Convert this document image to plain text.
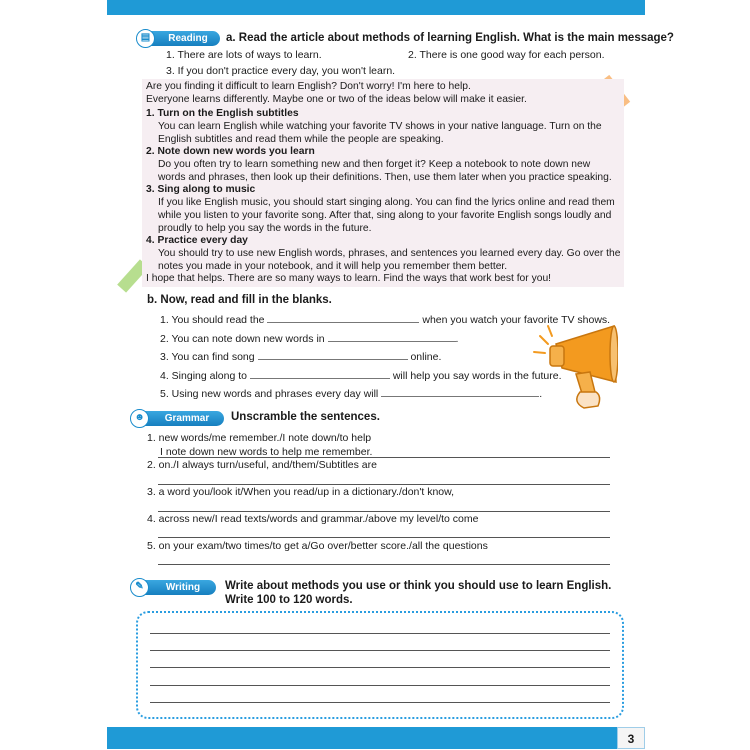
3
▤	Reading	a. Read the article about methods of learning English. What is the main message?
1. There are lots of ways to learn.	2. There is one good way for each person.
3. If you don't practice every day, you won't learn.
Are you finding it difficult to learn English? Don't worry! I'm here to help.
Everyone learns differently. Maybe one or two of the ideas below will make it easier.
1. Turn on the English subtitles
You can learn English while watching your favorite TV shows in your native language. Turn on the
English subtitles and read them while the people are speaking.
2. Note down new words you learn
Do you often try to learn something new and then forget it? Keep a notebook to note down new
words and phrases, then look up their definitions. Then, use them later when you practice speaking.
3. Sing along to music
If you like English music, you should start singing along. You can find the lyrics online and read them
while you listen to your favorite song. After that, sing along to your favorite English songs loudly and
proudly to help you say the words in the future.
4. Practice every day
You should try to use new English words, phrases, and sentences you learned every day. Go over the
notes you made in your notebook, and it will help you remember them better.
I hope that helps. There are so many ways to learn. Find the ways that work best for you!
b. Now, read and fill in the blanks.
1. You should read the	when you watch your favorite TV shows.
2. You can note down new words in	.
3. You can find song	online.
4. Singing along to	will help you say words in the future.
5. Using new words and phrases every day will	.
☻	Grammar	Unscramble the sentences.
1. new words/me remember./I note down/to help
I note down new words to help me remember.
2. on./I always turn/useful, and/them/Subtitles are
3. a word you/look it/When you read/up in a dictionary./don't know,
4. across new/I read texts/words and grammar./above my level/to come
5. on your exam/two times/to get a/Go over/better score./all the questions
✎	Writing	Write about methods you use or think you should use to learn English.
Write 100 to 120 words.
